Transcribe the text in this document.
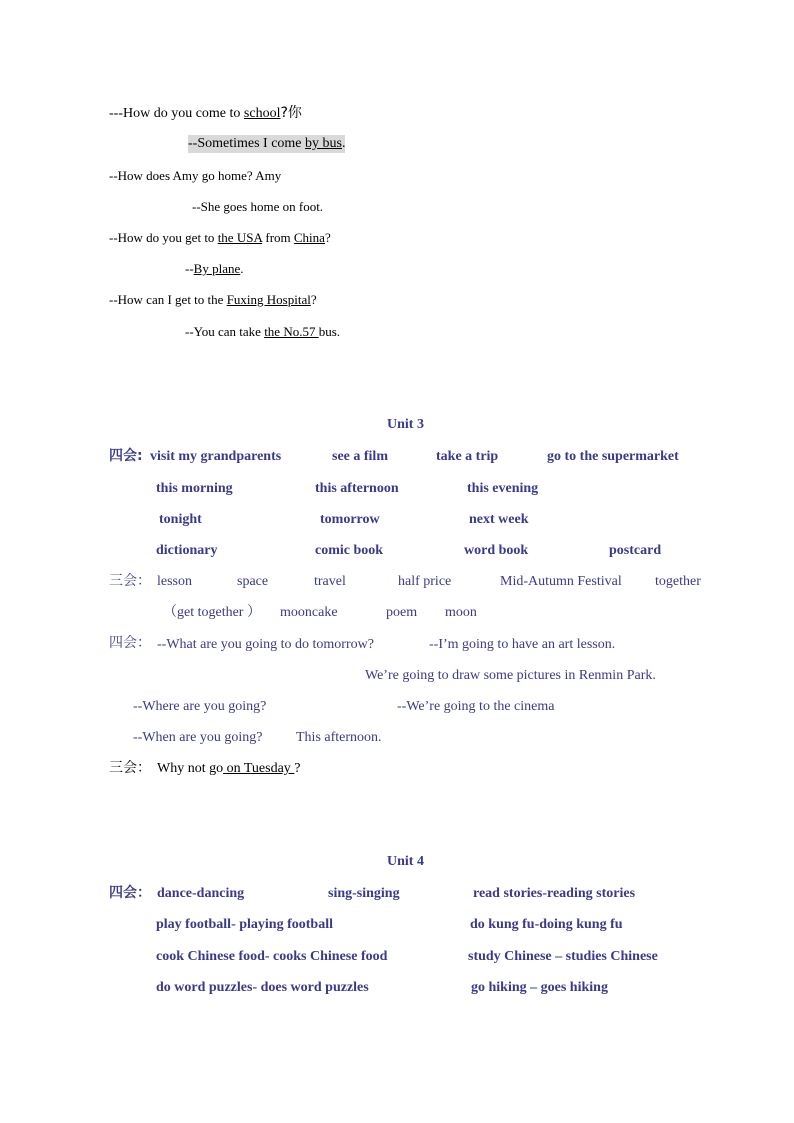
---How do you come to school?你
--Sometimes I come by bus.
--How does Amy go home? Amy
--She goes home on foot.
--How do you get to the USA from China?
--By plane.
--How can I get to the Fuxing Hospital?
--You can take the No.57 bus.
Unit 3
四会: visit my grandparents	see a film	take a trip	go to the supermarket
this morning	this afternoon	this evening
tonight	tomorrow	next week
dictionary	comic book	word book	postcard
三会： lesson	space	travel	half price	Mid-Autumn Festival together
（get together ） mooncake	poem moon
四会： --What are you going to do tomorrow?	--I’m going to have an art lesson.
We’re going to draw some pictures in Renmin Park.
--Where are you going?	--We’re going to the cinema
--When are you going? This afternoon.
三会： Why not go on Tuesday ?
Unit 4
四会： dance-dancing	sing-singing	read stories-reading stories
play football- playing football	do kung fu-doing kung fu
cook Chinese food- cooks Chinese food	study Chinese – studies Chinese
do word puzzles- does word puzzles	go hiking – goes hiking
